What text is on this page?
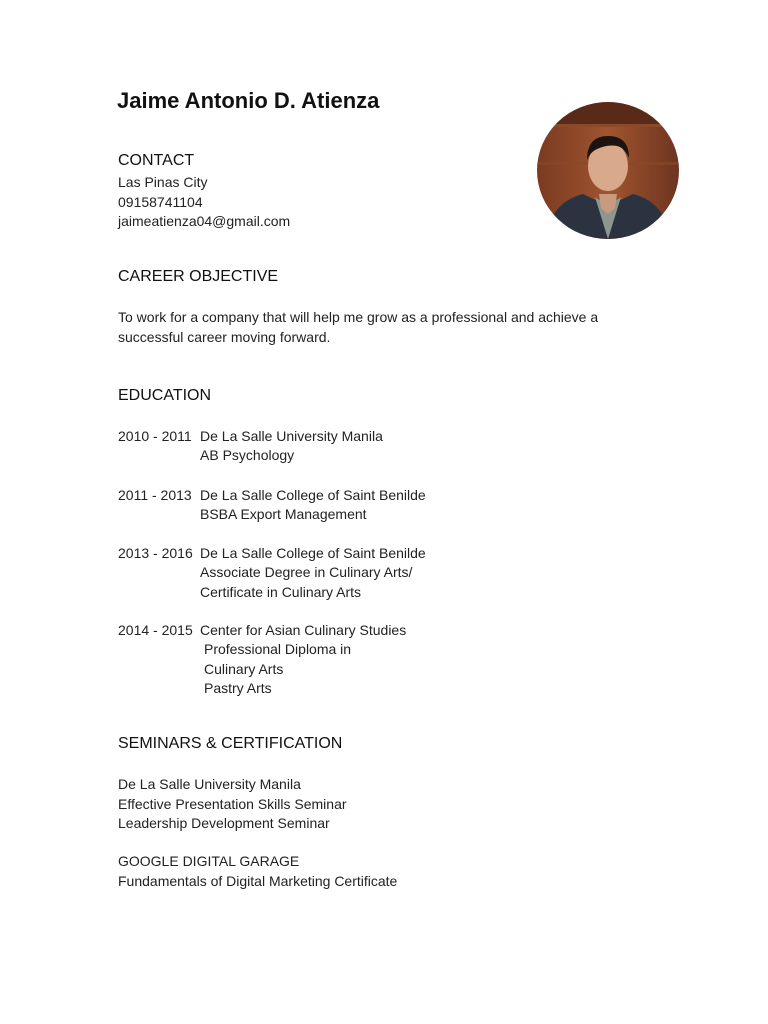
Jaime Antonio D. Atienza
CONTACT
Las Pinas City
09158741104
jaimeatienza04@gmail.com
CAREER OBJECTIVE
To work for a company that will help me grow as a professional and achieve a successful career moving forward.
EDUCATION
2010 - 2011 De La Salle University Manila
AB Psychology
2011 - 2013 De La Salle College of Saint Benilde
BSBA Export Management
2013 - 2016 De La Salle College of Saint Benilde
Associate Degree in Culinary Arts/
Certificate in Culinary Arts
2014 - 2015 Center for Asian Culinary Studies
Professional Diploma in
Culinary Arts
Pastry Arts
SEMINARS & CERTIFICATION
De La Salle University Manila
Effective Presentation Skills Seminar
Leadership Development Seminar
GOOGLE DIGITAL GARAGE
Fundamentals of Digital Marketing Certificate
